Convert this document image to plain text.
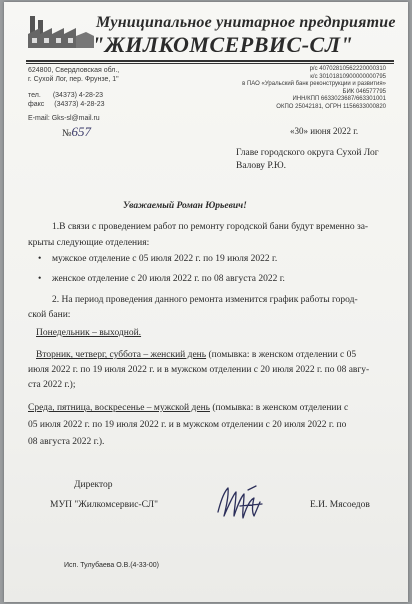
Муниципальное унитарное предприятие
"ЖИЛКОМСЕРВИС-СЛ"
624800, Свердловская обл.,
г. Сухой Лог, пер. Фрунзе, 1"
тел. (34373) 4-28-23
факс (34373) 4-28-23
E-mail: Gks-sl@mail.ru
р/с 40702810562220000310
к/с 30101810900000000795
в ПАО «Уральский банк реконструкции и развития»
БИК 046577795
ИНН/КПП 6633023687/663301001
ОКПО 25042181, ОГРН 1156633000820
№657	«30» июня 2022 г.
Главе городского округа Сухой Лог
Валову Р.Ю.
Уважаемый Роман Юрьевич!
1.В связи с проведением работ по ремонту городской бани будут временно за-
крыты следующие отделения:
• мужское отделение с 05 июля 2022 г. по 19 июля 2022 г.
• женское отделение с 20 июля 2022 г. по 08 августа 2022 г.
2. На период проведения данного ремонта изменится график работы город-
ской бани:
Понедельник – выходной.
Вторник, четверг, суббота – женский день (помывка: в женском отделении с 05
июля 2022 г. по 19 июля 2022 г. и в мужском отделении с 20 июля 2022 г. по 08 авгу-
ста 2022 г.);
Среда, пятница, воскресенье – мужской день (помывка: в женском отделении с
05 июля 2022 г. по 19 июля 2022 г. и в мужском отделении с 20 июля 2022 г. по
08 августа 2022 г.).
Директор
МУП "Жилкомсервис-СЛ"	Е.И. Мясоедов
Исп. Тулубаева О.В.(4-33-00)
